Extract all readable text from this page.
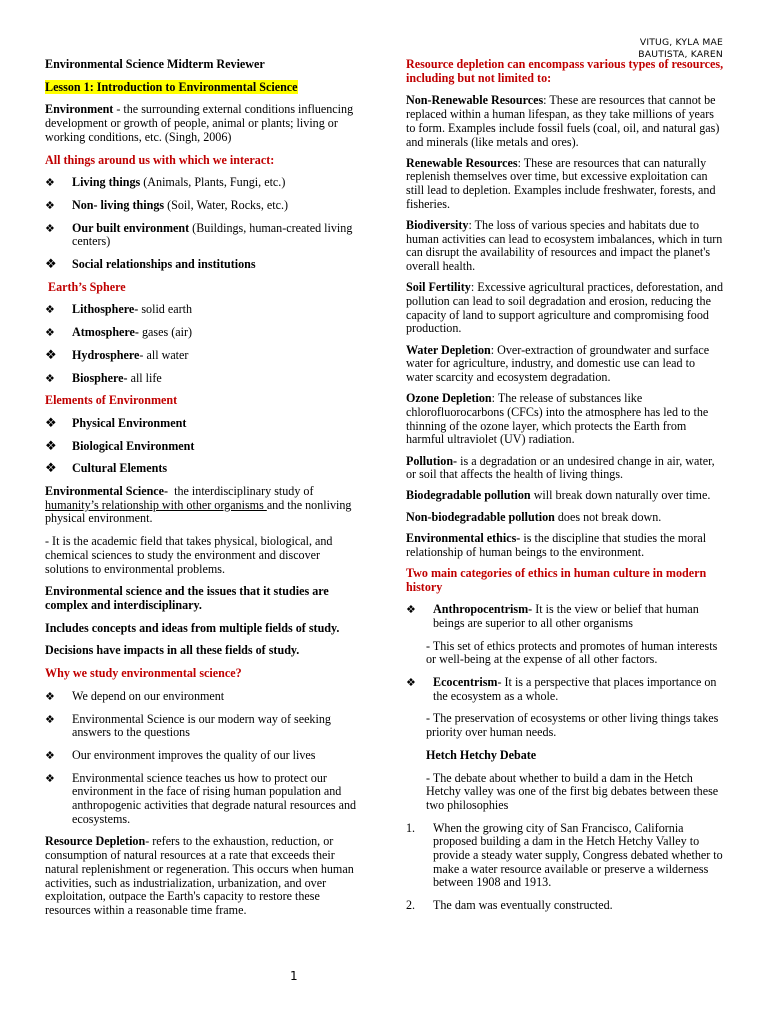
VITUG, KYLA MAE
BAUTISTA, KAREN

Environmental Science Midterm Reviewer

Lesson 1: Introduction to Environmental Science

Environment - the surrounding external conditions influencing development or growth of people, animal or plants; living or working conditions, etc. (Singh, 2006)

All things around us with which we interact:

❖ Living things (Animals, Plants, Fungi, etc.)
❖ Non- living things (Soil, Water, Rocks, etc.)
❖ Our built environment (Buildings, human-created living centers)
❖ Social relationships and institutions

Earth’s Sphere

❖ Lithosphere- solid earth
❖ Atmosphere- gases (air)
❖ Hydrosphere- all water
❖ Biosphere- all life

Elements of Environment

❖ Physical Environment
❖ Biological Environment
❖ Cultural Elements

Environmental Science-  the interdisciplinary study of humanity’s relationship with other organisms and the nonliving physical environment.

- It is the academic field that takes physical, biological, and chemical sciences to study the environment and discover solutions to environmental problems.

Environmental science and the issues that it studies are complex and interdisciplinary.

Includes concepts and ideas from multiple fields of study.

Decisions have impacts in all these fields of study.

Why we study environmental science?

❖ We depend on our environment
❖ Environmental Science is our modern way of seeking answers to the questions
❖ Our environment improves the quality of our lives
❖ Environmental science teaches us how to protect our environment in the face of rising human population and anthropogenic activities that degrade natural resources and ecosystems.

Resource Depletion- refers to the exhaustion, reduction, or consumption of natural resources at a rate that exceeds their natural replenishment or regeneration. This occurs when human activities, such as industrialization, urbanization, and over exploitation, outpace the Earth's capacity to restore these resources within a reasonable time frame.

Resource depletion can encompass various types of resources, including but not limited to:

Non-Renewable Resources: These are resources that cannot be replaced within a human lifespan, as they take millions of years to form. Examples include fossil fuels (coal, oil, and natural gas) and minerals (like metals and ores).

Renewable Resources: These are resources that can naturally replenish themselves over time, but excessive exploitation can still lead to depletion. Examples include freshwater, forests, and fisheries.

Biodiversity: The loss of various species and habitats due to human activities can lead to ecosystem imbalances, which in turn can disrupt the availability of resources and impact the planet's overall health.

Soil Fertility: Excessive agricultural practices, deforestation, and pollution can lead to soil degradation and erosion, reducing the capacity of land to support agriculture and compromising food production.

Water Depletion: Over-extraction of groundwater and surface water for agriculture, industry, and domestic use can lead to water scarcity and ecosystem degradation.

Ozone Depletion: The release of substances like chlorofluorocarbons (CFCs) into the atmosphere has led to the thinning of the ozone layer, which protects the Earth from harmful ultraviolet (UV) radiation.

Pollution- is a degradation or an undesired change in air, water, or soil that affects the health of living things.

Biodegradable pollution will break down naturally over time.

Non-biodegradable pollution does not break down.

Environmental ethics- is the discipline that studies the moral relationship of human beings to the environment.

Two main categories of ethics in human culture in modern history

❖ Anthropocentrism- It is the view or belief that human beings are superior to all other organisms

- This set of ethics protects and promotes of human interests or well-being at the expense of all other factors.

❖ Ecocentrism- It is a perspective that places importance on the ecosystem as a whole.

- The preservation of ecosystems or other living things takes priority over human needs.

Hetch Hetchy Debate

- The debate about whether to build a dam in the Hetch Hetchy valley was one of the first big debates between these two philosophies

1. When the growing city of San Francisco, California proposed building a dam in the Hetch Hetchy Valley to provide a steady water supply, Congress debated whether to make a water resource available or preserve a wilderness between 1908 and 1913.
2. The dam was eventually constructed.
1
